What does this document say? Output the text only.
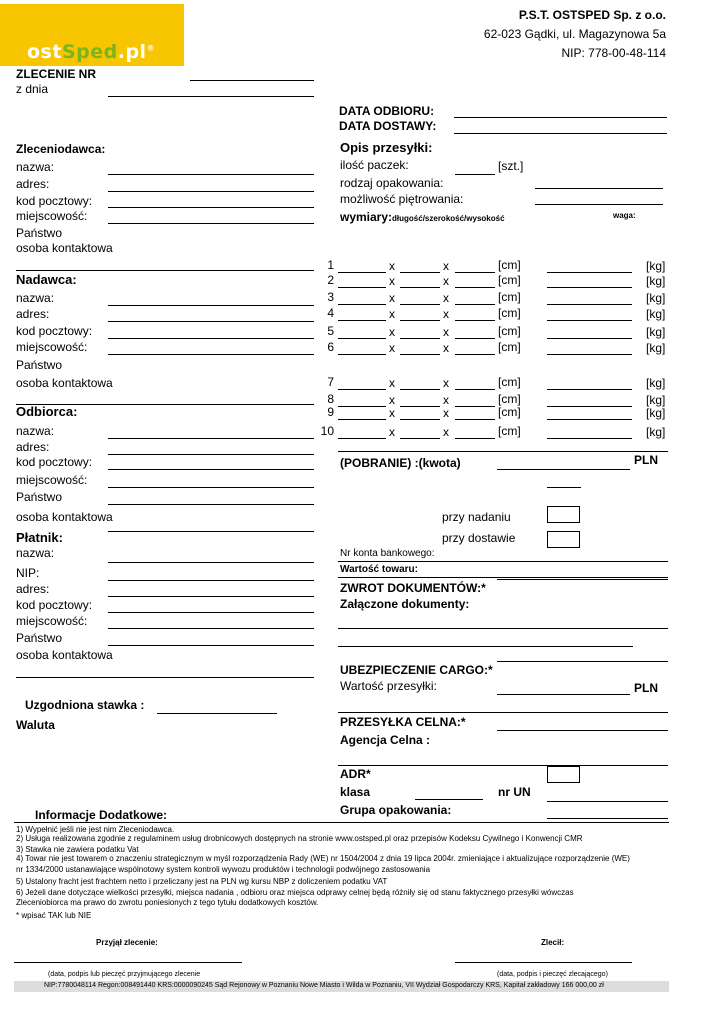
ostSped.pl®
P.S.T. OSTSPED Sp. z o.o.
62-023 Gądki, ul. Magazynowa 5a
NIP: 778-00-48-114
ZLECENIE NR
z dnia
DATA ODBIORU:
DATA DOSTAWY:
Zleceniodawca:
nazwa:
adres:
kod pocztowy:
miejscowość:
Państwo
osoba kontaktowa
Nadawca:
nazwa:
adres:
kod pocztowy:
miejscowość:
Państwo
osoba kontaktowa
Odbiorca:
nazwa:
adres:
kod pocztowy:
miejscowość:
Państwo
osoba kontaktowa
Płatnik:
nazwa:
NIP:
adres:
kod pocztowy:
miejscowość:
Państwo
osoba kontaktowa
Uzgodniona stawka :
Waluta
Opis przesyłki:
ilość paczek:	[szt.]
rodzaj opakowania:
możliwość piętrowania:
wymiary:długość/szerokość/wysokość	waga:
1	x	x	[cm]	[kg]
2	x	x	[cm]	[kg]
3	x	x	[cm]	[kg]
4	x	x	[cm]	[kg]
5	x	x	[cm]	[kg]
6	x	x	[cm]	[kg]
7	x	x	[cm]	[kg]
8	x	x	[cm]	[kg]
9	x	x	[cm]	[kg]
10	x	x	[cm]	[kg]
(POBRANIE) :(kwota)	PLN
przy nadaniu
przy dostawie
Nr konta bankowego:
Wartość towaru:
ZWROT DOKUMENTÓW:*
Załączone dokumenty:
UBEZPIECZENIE CARGO:*
Wartość przesyłki:	PLN
PRZESYŁKA CELNA:*
Agencja Celna :
ADR*
klasa	nr UN
Grupa opakowania:
Informacje Dodatkowe:
1) Wypełnić jeśli nie jest nim Zleceniodawca.
2) Usługa realizowana zgodnie z regulaminem usług drobnicowych dostępnych na stronie www.ostsped.pl oraz przepisów Kodeksu Cywilnego i Konwencji CMR
3) Stawka nie zawiera podatku Vat
4) Towar nie jest towarem o znaczeniu strategicznym w myśl rozporządzenia Rady (WE) nr 1504/2004 z dnia 19 lipca 2004r. zmieniające i aktualizujące rozporządzenie (WE)
nr 1334/2000 ustanawiające wspólnotowy system kontroli wywozu produktów i technologii podwójnego zastosowania
5) Ustalony fracht jest frachtem netto i przeliczany jest na PLN wg kursu NBP z doliczeniem podatku VAT
6) Jeżeli dane dotyczące wielkości przesyłki, miejsca nadania , odbioru oraz miejsca odprawy celnej będą różniły się od stanu faktycznego przesyłki wówczas
Zleceniobiorca ma prawo do zwrotu poniesionych z tego tytułu dodatkowych kosztów.
* wpisać TAK lub NIE
Przyjął zlecenie:	Zlecił:
(data, podpis lub pieczęć przyjmującego zlecenie	(data, podpis i pieczęć zlecającego)
NIP:7780048114 Regon:008491440 KRS:0000090245 Sąd Rejonowy w Poznaniu Nowe Miasto i Wilda w Poznaniu, VII Wydział Gospodarczy KRS, Kapitał zakładowy 166 000,00 zł
